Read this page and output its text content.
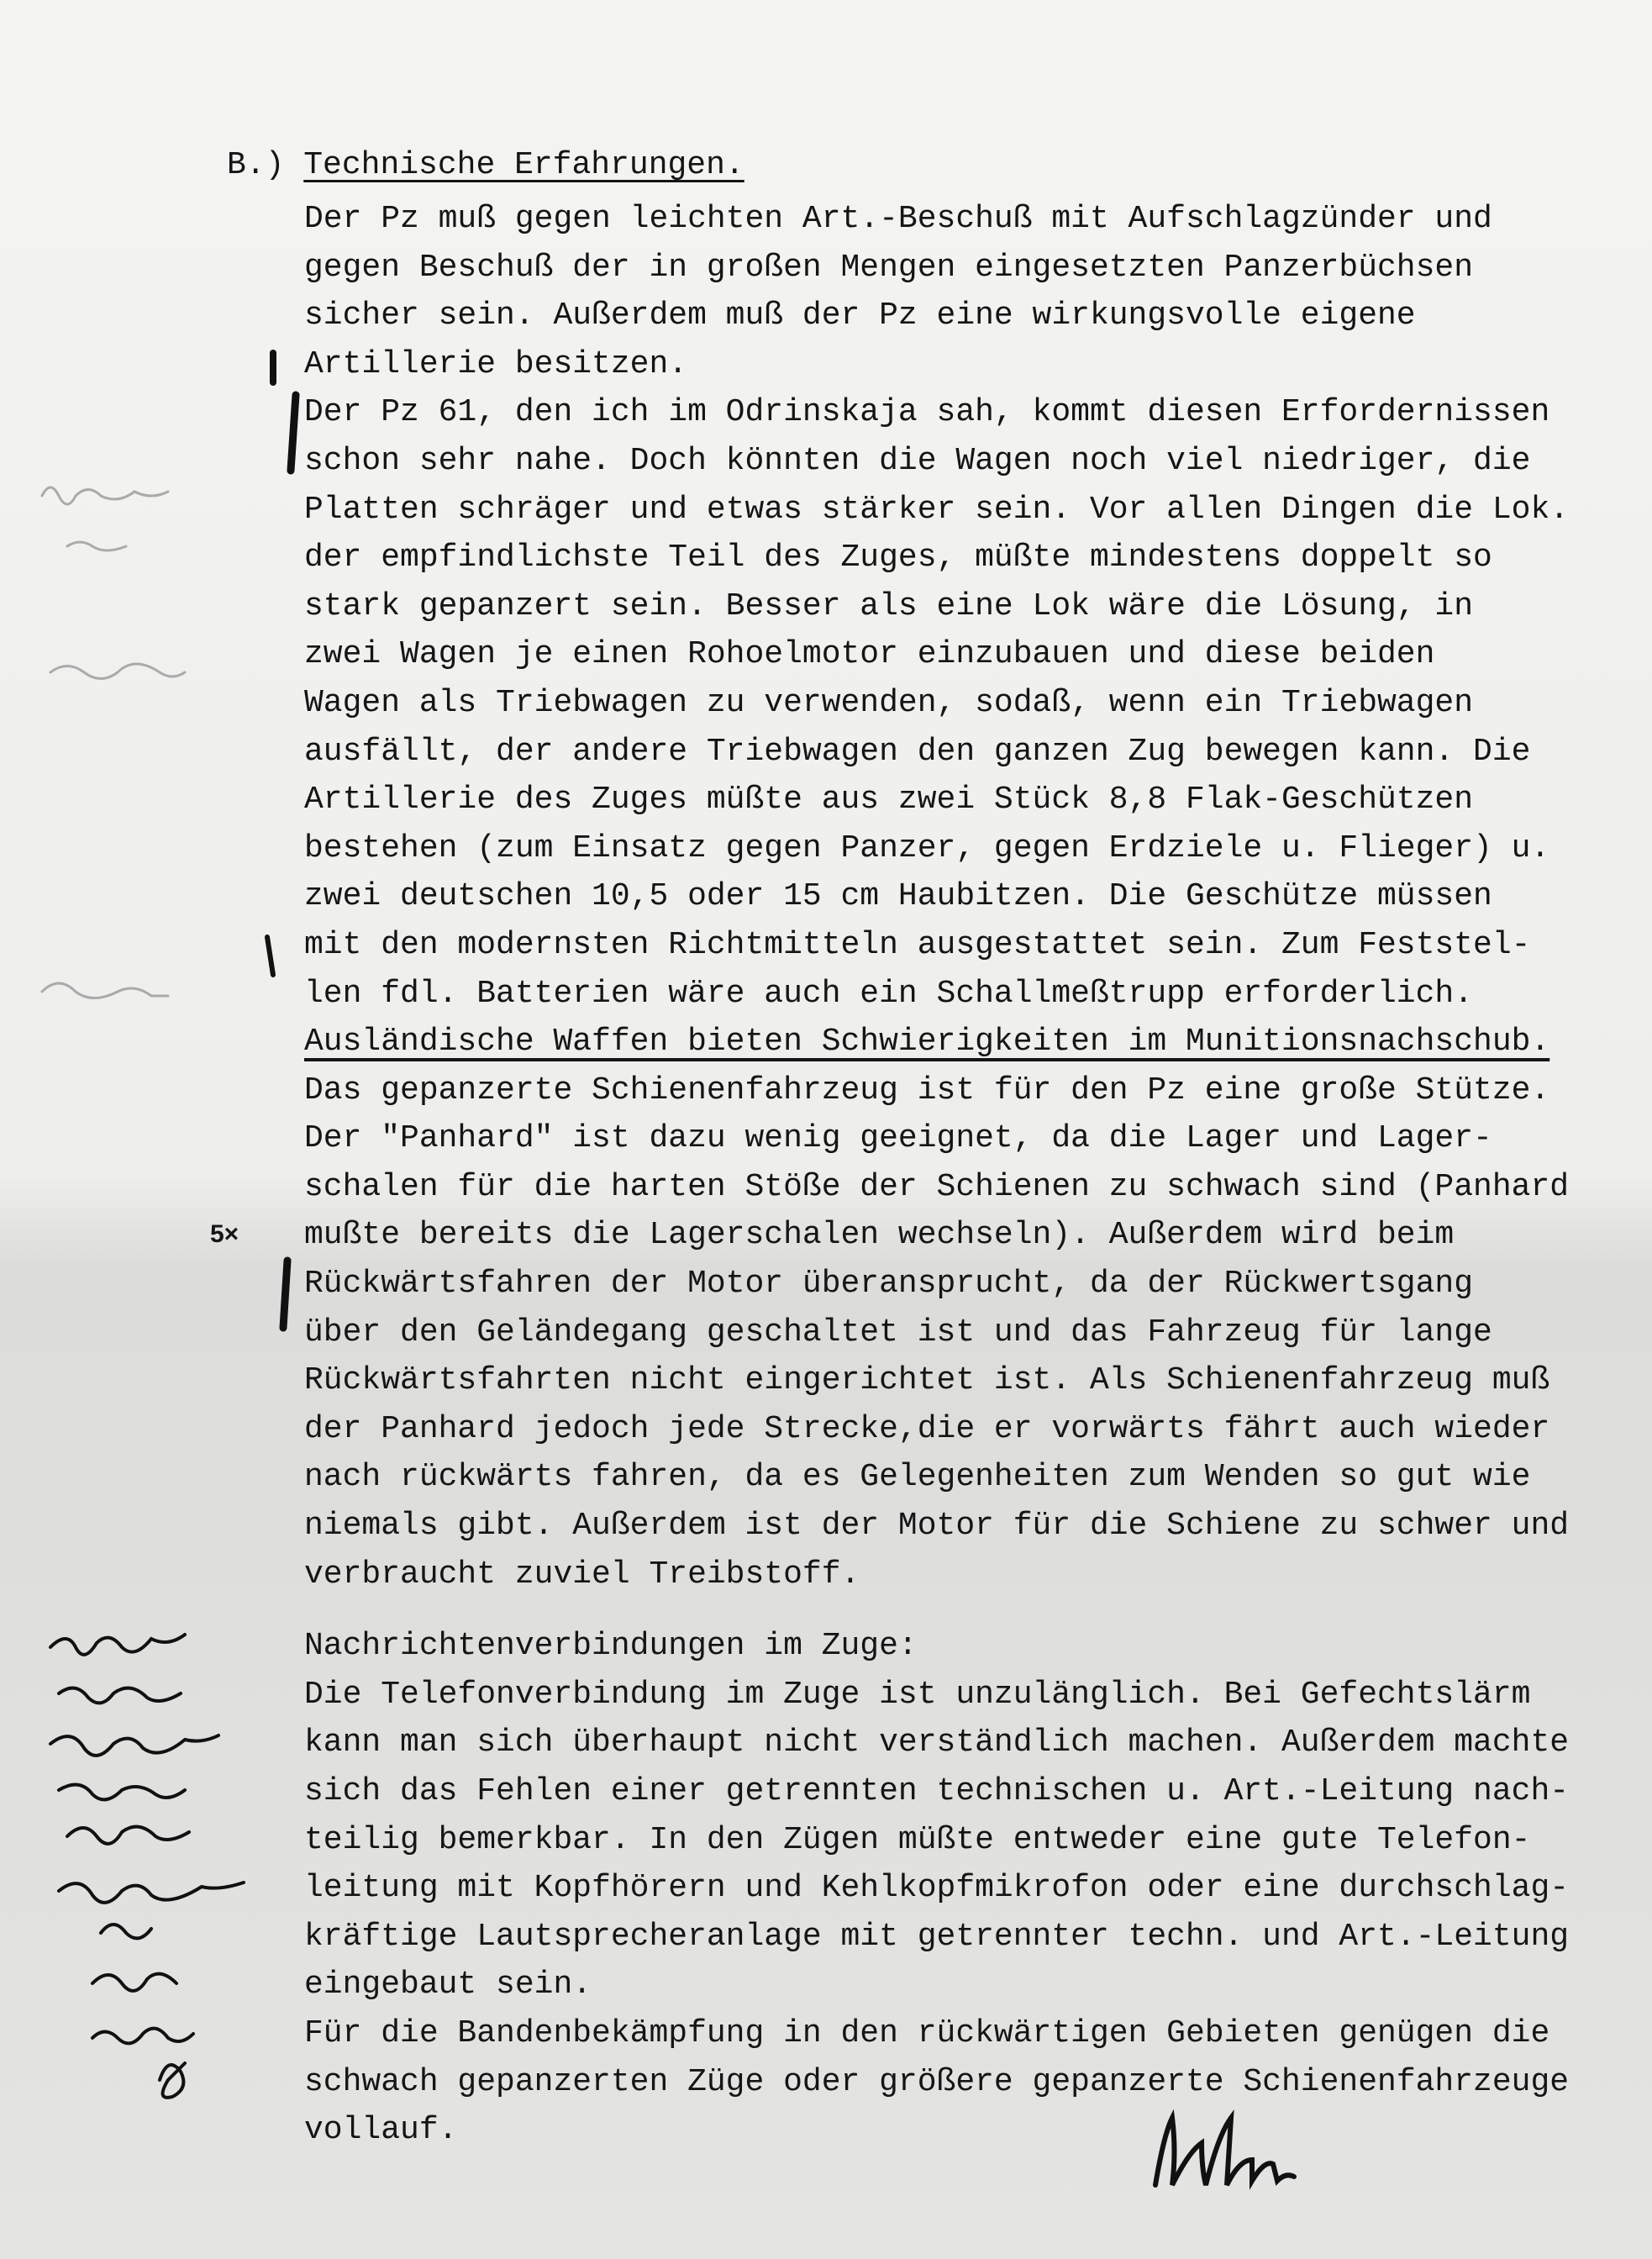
B.) Technische Erfahrungen.
Der Pz muß gegen leichten Art.-Beschuß mit Aufschlagzünder und
gegen Beschuß der in großen Mengen eingesetzten Panzerbüchsen
sicher sein. Außerdem muß der Pz eine wirkungsvolle eigene
Artillerie besitzen.
Der Pz 61, den ich im Odrinskaja sah, kommt diesen Erfordernissen
schon sehr nahe. Doch könnten die Wagen noch viel niedriger, die
Platten schräger und etwas stärker sein. Vor allen Dingen die Lok.
der empfindlichste Teil des Zuges, müßte mindestens doppelt so
stark gepanzert sein. Besser als eine Lok wäre die Lösung, in
zwei Wagen je einen Rohoelmotor einzubauen und diese beiden
Wagen als Triebwagen zu verwenden, sodaß, wenn ein Triebwagen
ausfällt, der andere Triebwagen den ganzen Zug bewegen kann. Die
Artillerie des Zuges müßte aus zwei Stück 8,8 Flak-Geschützen
bestehen (zum Einsatz gegen Panzer, gegen Erdziele u. Flieger) u.
zwei deutschen 10,5 oder 15 cm Haubitzen. Die Geschütze müssen
mit den modernsten Richtmitteln ausgestattet sein. Zum Feststel-
len fdl. Batterien wäre auch ein Schallmeßtrupp erforderlich.
Ausländische Waffen bieten Schwierigkeiten im Munitionsnachschub.
Das gepanzerte Schienenfahrzeug ist für den Pz eine große Stütze.
Der "Panhard" ist dazu wenig geeignet, da die Lager und Lager-
schalen für die harten Stöße der Schienen zu schwach sind (Panhard
mußte bereits die Lagerschalen wechseln). Außerdem wird beim
Rückwärtsfahren der Motor überansprucht, da der Rückwertsgang
über den Geländegang geschaltet ist und das Fahrzeug für lange
Rückwärtsfahrten nicht eingerichtet ist. Als Schienenfahrzeug muß
der Panhard jedoch jede Strecke,die er vorwärts fährt auch wieder
nach rückwärts fahren, da es Gelegenheiten zum Wenden so gut wie
niemals gibt. Außerdem ist der Motor für die Schiene zu schwer und
verbraucht zuviel Treibstoff.
Nachrichtenverbindungen im Zuge:
Die Telefonverbindung im Zuge ist unzulänglich. Bei Gefechtslärm
kann man sich überhaupt nicht verständlich machen. Außerdem machte
sich das Fehlen einer getrennten technischen u. Art.-Leitung nach-
teilig bemerkbar. In den Zügen müßte entweder eine gute Telefon-
leitung mit Kopfhörern und Kehlkopfmikrofon oder eine durchschlag-
kräftige Lautsprecheranlage mit getrennter techn. und Art.-Leitung
eingebaut sein.
Für die Bandenbekämpfung in den rückwärtigen Gebieten genügen die
schwach gepanzerten Züge oder größere gepanzerte Schienenfahrzeuge
vollauf.
5×
